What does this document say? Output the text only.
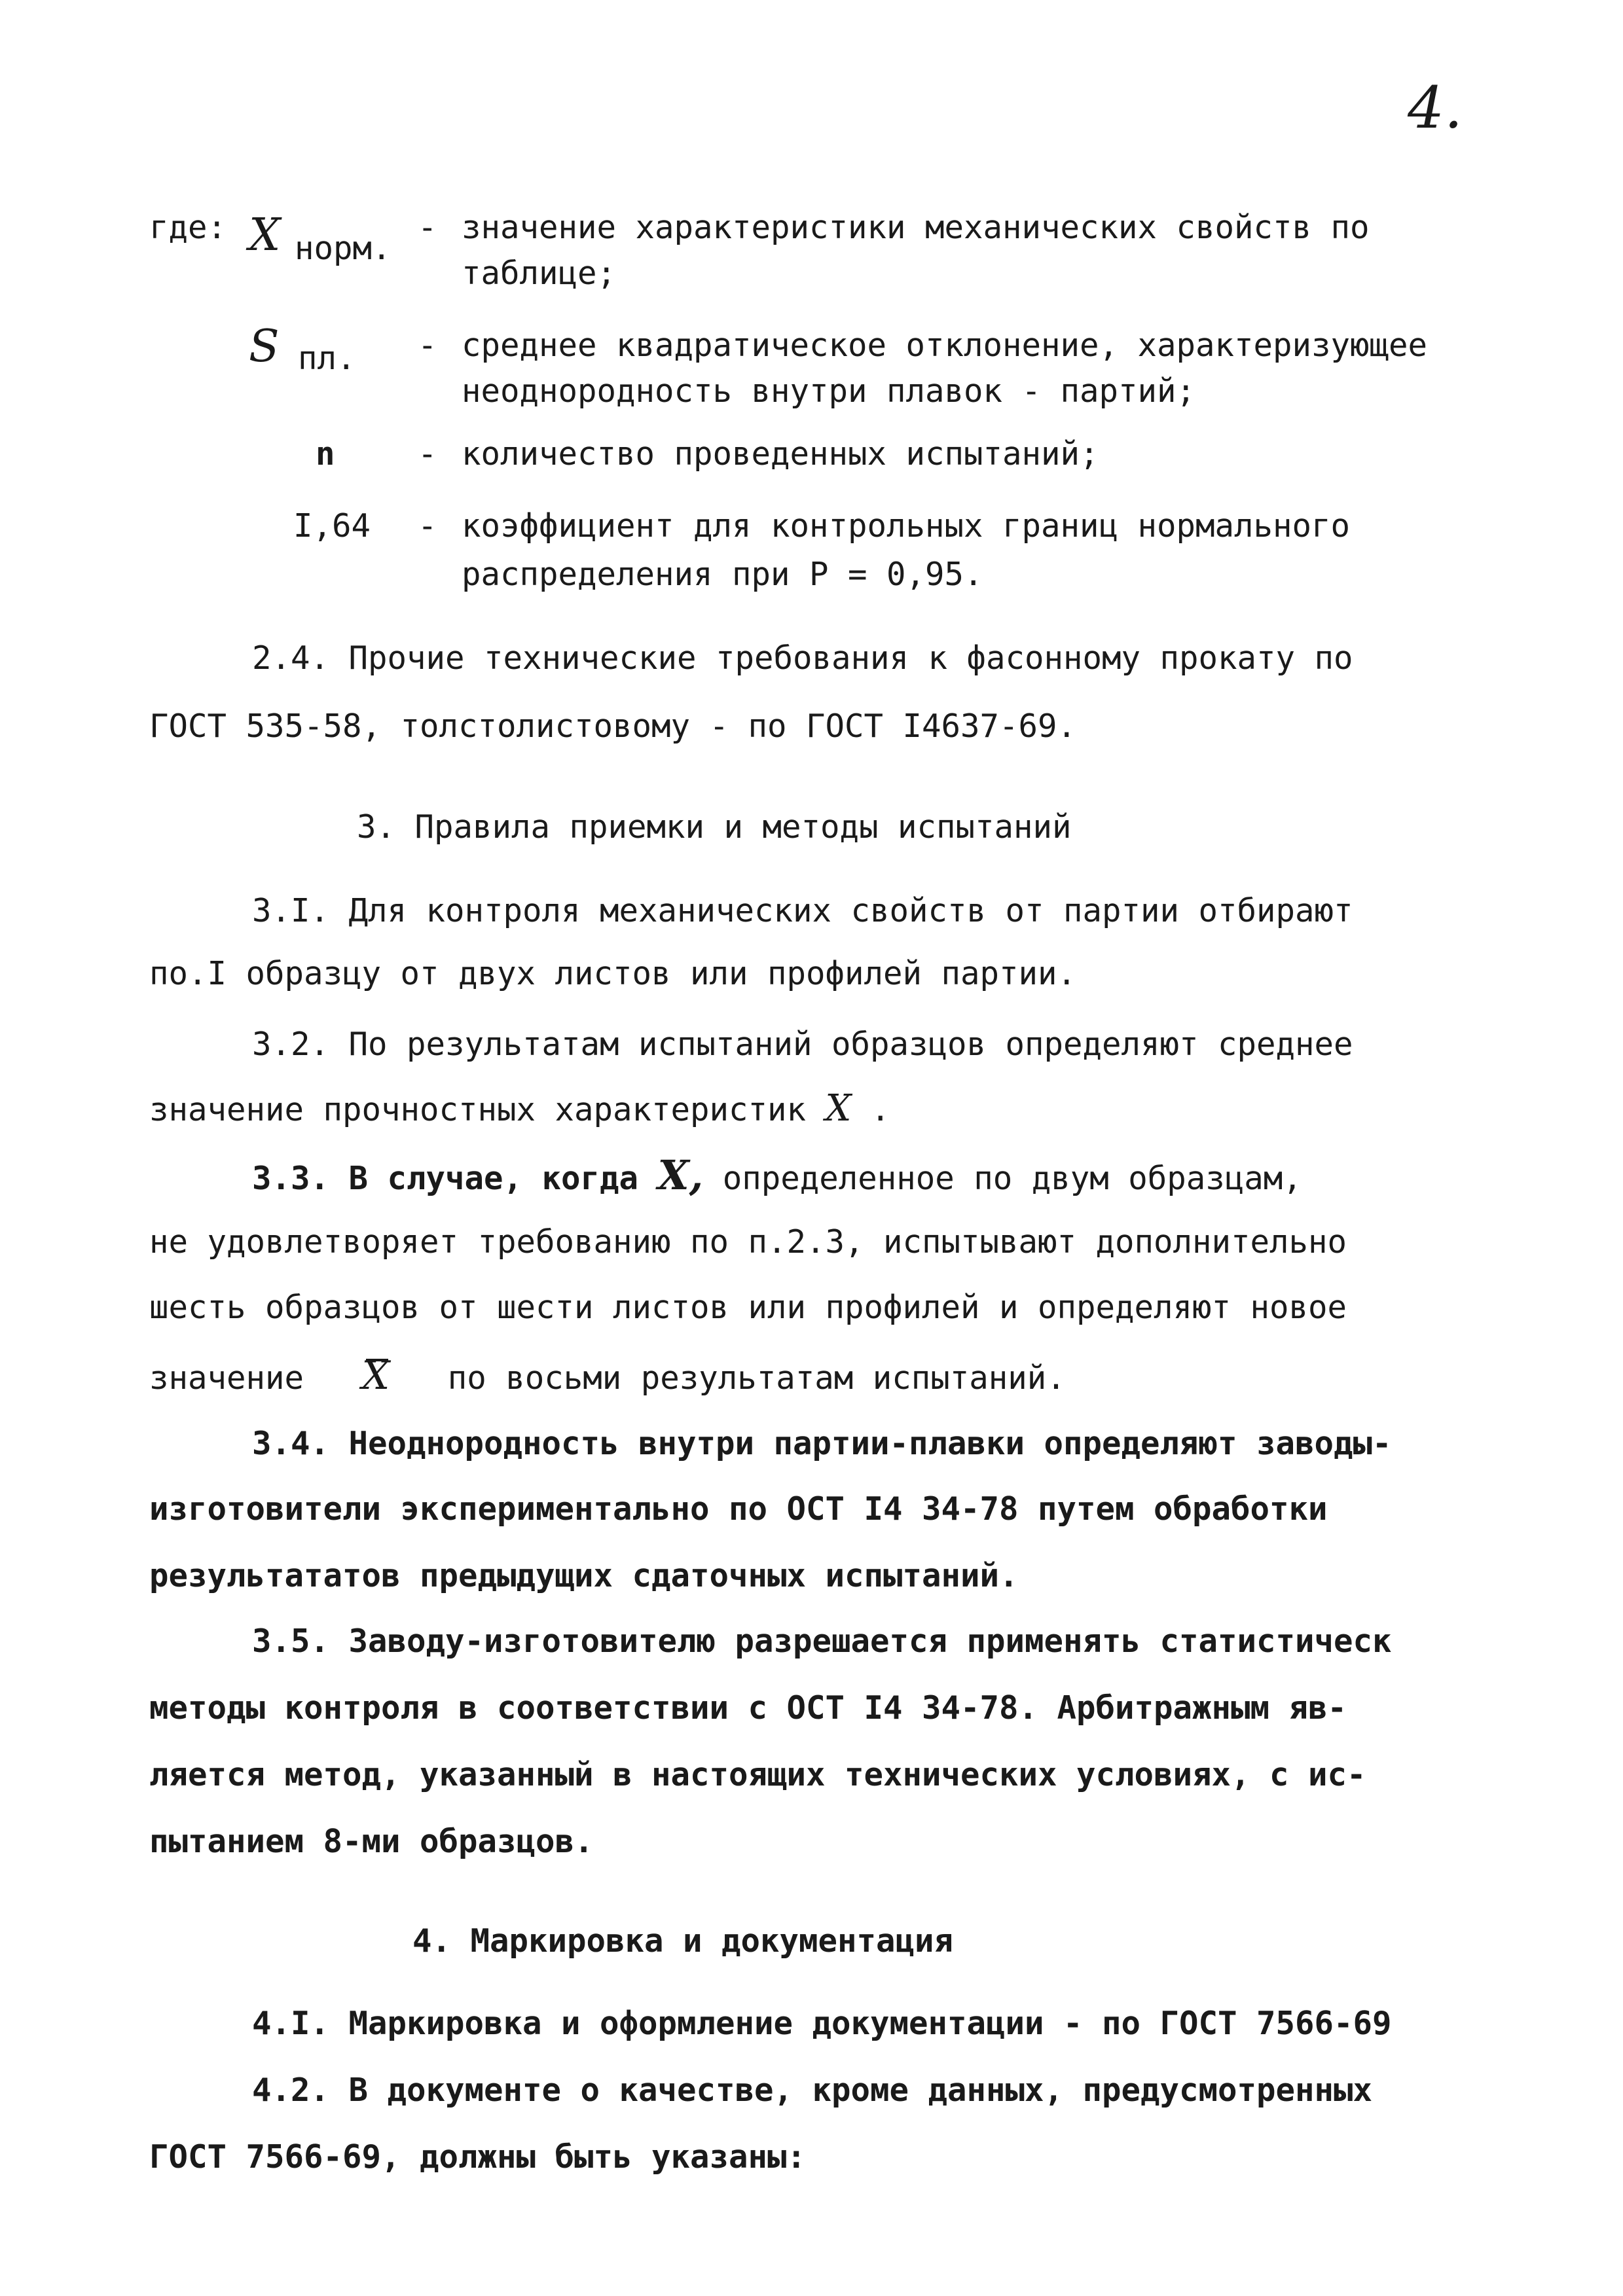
4.
где: X норм.
- значение характеристики механических свойств по
таблице;
S пл. - среднее квадратическое отклонение, характеризующее
неоднородность внутри плавок - партий;
n	- количество проведенных испытаний;
I,64 - коэффициент для контрольных границ нормального
распределения при Р = 0,95.
2.4. Прочие технические требования к фасонному прокату по
ГОСТ 535-58, толстолистовому - по ГОСТ I4637-69.
3. Правила приемки и методы испытаний
3.I. Для контроля механических свойств от партии отбирают
по.I образцу от двух листов или профилей партии.
3.2. По результатам испытаний образцов определяют среднее
значение прочностных характеристик X .
3.3. В случае, когда X, определенное по двум образцам,
не удовлетворяет требованию по п.2.3, испытывают дополнительно
шесть образцов от шести листов или профилей и определяют новое
значение X по восьми результатам испытаний.
3.4. Неоднородность внутри партии-плавки определяют заводы-
изготовители экспериментально по ОСТ I4 34-78 путем обработки
результататов предыдущих сдаточных испытаний.
3.5. Заводу-изготовителю разрешается применять статистическ
методы контроля в соответствии с ОСТ I4 34-78. Арбитражным яв-
ляется метод, указанный в настоящих технических условиях, с ис-
пытанием 8-ми образцов.
4. Маркировка и документация
4.I. Маркировка и оформление документации - по ГОСТ 7566-69
4.2. В документе о качестве, кроме данных, предусмотренных
ГОСТ 7566-69, должны быть указаны:
